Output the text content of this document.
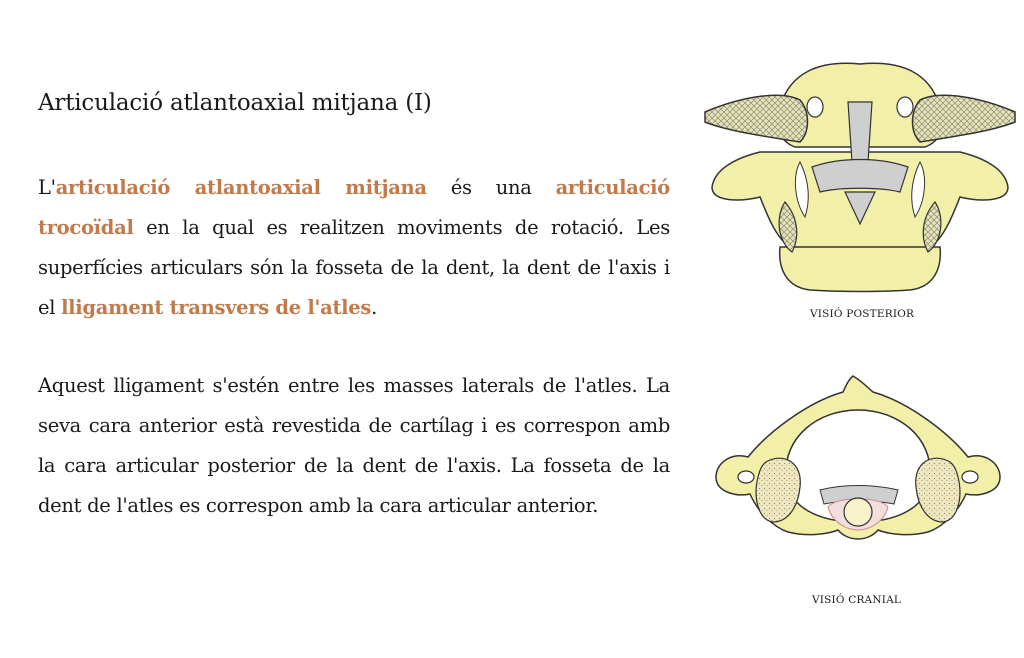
Articulació atlantoaxial mitjana (I)

L'articulació atlantoaxial mitjana és una articulació trocoïdal en la qual es realitzen moviments de rotació. Les superfícies articulars són la fosseta de la dent, la dent de l'axis i el lligament transvers de l'atles.

Aquest lligament s'estén entre les masses laterals de l'atles. La seva cara anterior està revestida de cartílag i es correspon amb la cara articular posterior de la dent de l'axis. La fosseta de la dent de l'atles es correspon amb la cara articular anterior.

VISIÓ POSTERIOR
VISIÓ CRANIAL
